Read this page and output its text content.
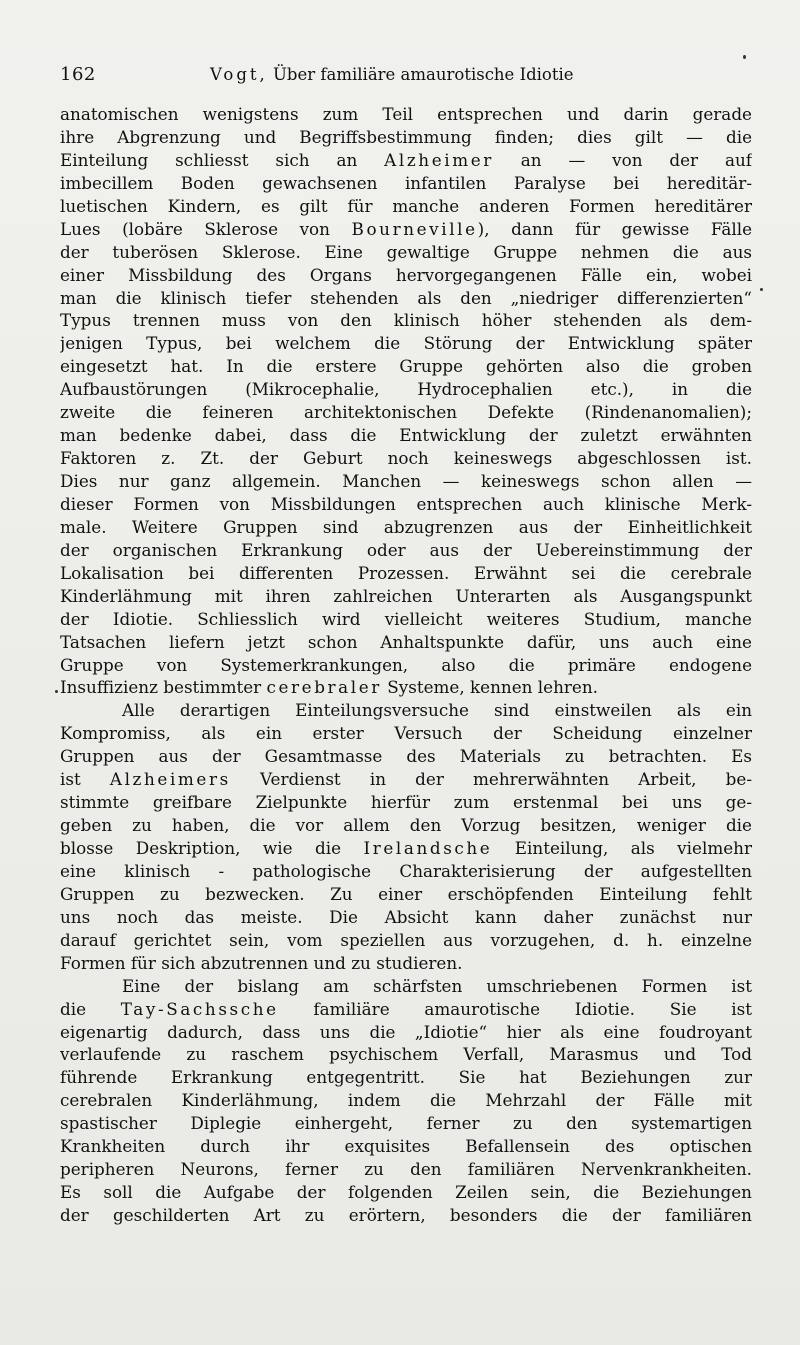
162	Vogt, Über familiäre amaurotische Idiotie
anatomischen wenigstens zum Teil entsprechen und darin gerade
ihre Abgrenzung und Begriffsbestimmung finden; dies gilt — die
Einteilung schliesst sich an Alzheimer an — von der auf
imbecillem Boden gewachsenen infantilen Paralyse bei hereditär-
luetischen Kindern, es gilt für manche anderen Formen hereditärer
Lues (lobäre Sklerose von Bourneville), dann für gewisse Fälle
der tuberösen Sklerose. Eine gewaltige Gruppe nehmen die aus
einer Missbildung des Organs hervorgegangenen Fälle ein, wobei
man die klinisch tiefer stehenden als den „niedriger differenzierten“
Typus trennen muss von den klinisch höher stehenden als dem-
jenigen Typus, bei welchem die Störung der Entwicklung später
eingesetzt hat. In die erstere Gruppe gehörten also die groben
Aufbaustörungen (Mikrocephalie, Hydrocephalien etc.), in die
zweite die feineren architektonischen Defekte (Rindenanomalien);
man bedenke dabei, dass die Entwicklung der zuletzt erwähnten
Faktoren z. Zt. der Geburt noch keineswegs abgeschlossen ist.
Dies nur ganz allgemein. Manchen — keineswegs schon allen —
dieser Formen von Missbildungen entsprechen auch klinische Merk-
male. Weitere Gruppen sind abzugrenzen aus der Einheitlichkeit
der organischen Erkrankung oder aus der Uebereinstimmung der
Lokalisation bei differenten Prozessen. Erwähnt sei die cerebrale
Kinderlähmung mit ihren zahlreichen Unterarten als Ausgangspunkt
der Idiotie. Schliesslich wird vielleicht weiteres Studium, manche
Tatsachen liefern jetzt schon Anhaltspunkte dafür, uns auch eine
Gruppe von Systemerkrankungen, also die primäre endogene
Insuffizienz bestimmter cerebraler Systeme, kennen lehren.
Alle derartigen Einteilungsversuche sind einstweilen als ein
Kompromiss, als ein erster Versuch der Scheidung einzelner
Gruppen aus der Gesamtmasse des Materials zu betrachten. Es
ist Alzheimers Verdienst in der mehrerwähnten Arbeit, be-
stimmte greifbare Zielpunkte hierfür zum erstenmal bei uns ge-
geben zu haben, die vor allem den Vorzug besitzen, weniger die
blosse Deskription, wie die Irelandsche Einteilung, als vielmehr
eine klinisch - pathologische Charakterisierung der aufgestellten
Gruppen zu bezwecken. Zu einer erschöpfenden Einteilung fehlt
uns noch das meiste. Die Absicht kann daher zunächst nur
darauf gerichtet sein, vom speziellen aus vorzugehen, d. h. einzelne
Formen für sich abzutrennen und zu studieren.
Eine der bislang am schärfsten umschriebenen Formen ist
die Tay-Sachssche familiäre amaurotische Idiotie. Sie ist
eigenartig dadurch, dass uns die „Idiotie“ hier als eine foudroyant
verlaufende zu raschem psychischem Verfall, Marasmus und Tod
führende Erkrankung entgegentritt. Sie hat Beziehungen zur
cerebralen Kinderlähmung, indem die Mehrzahl der Fälle mit
spastischer Diplegie einhergeht, ferner zu den systemartigen
Krankheiten durch ihr exquisites Befallensein des optischen
peripheren Neurons, ferner zu den familiären Nervenkrankheiten.
Es soll die Aufgabe der folgenden Zeilen sein, die Beziehungen
der geschilderten Art zu erörtern, besonders die der familiären
